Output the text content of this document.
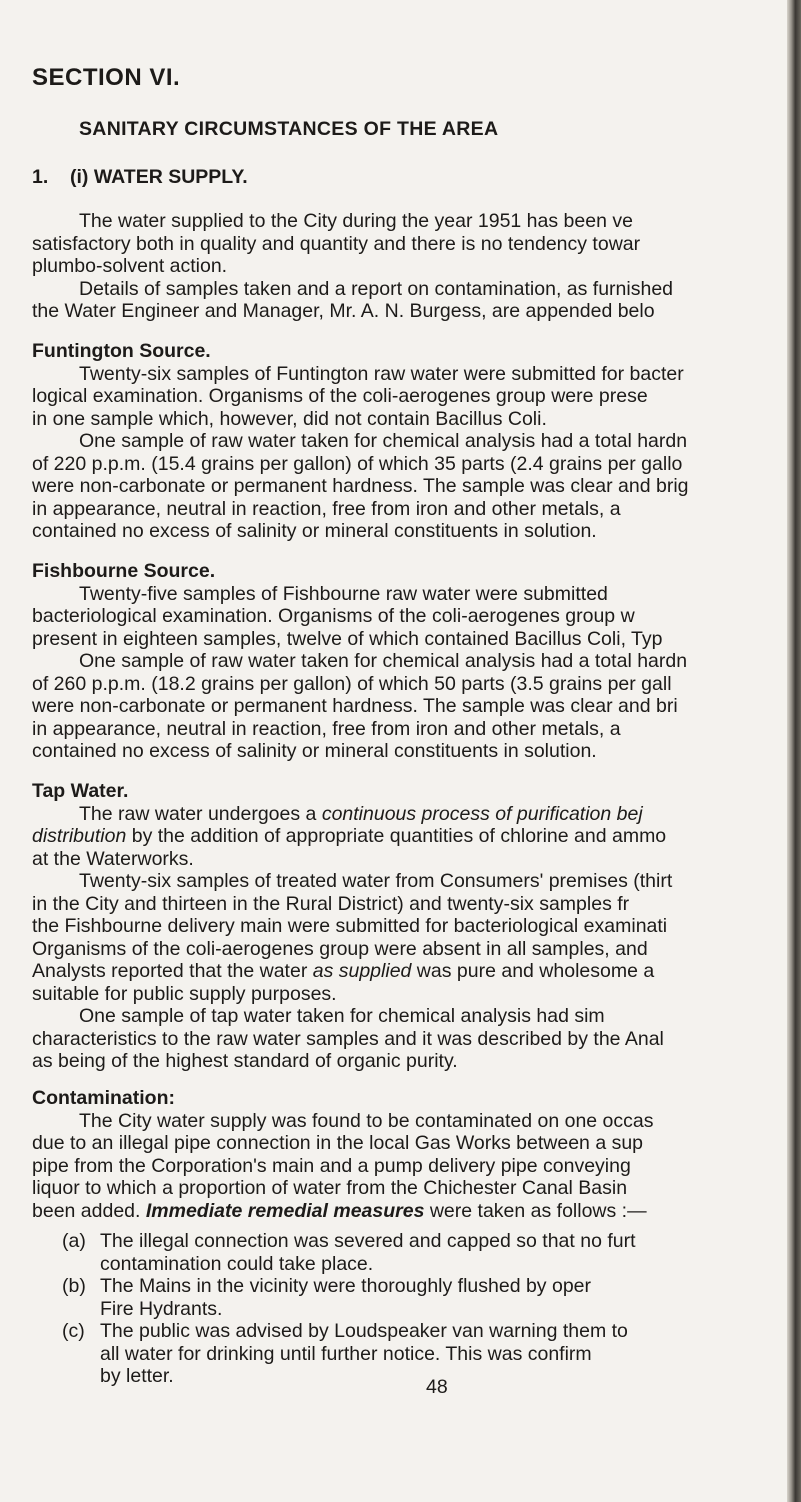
SECTION VI.
SANITARY CIRCUMSTANCES OF THE AREA
1. (i) WATER SUPPLY.
The water supplied to the City during the year 1951 has been ve
satisfactory both in quality and quantity and there is no tendency towar
plumbo-solvent action.
Details of samples taken and a report on contamination, as furnished
the Water Engineer and Manager, Mr. A. N. Burgess, are appended belo
Funtington Source.
Twenty-six samples of Funtington raw water were submitted for bacter
logical examination. Organisms of the coli-aerogenes group were prese
in one sample which, however, did not contain Bacillus Coli.
One sample of raw water taken for chemical analysis had a total hardn
of 220 p.p.m. (15.4 grains per gallon) of which 35 parts (2.4 grains per gallo
were non-carbonate or permanent hardness. The sample was clear and brig
in appearance, neutral in reaction, free from iron and other metals, a
contained no excess of salinity or mineral constituents in solution.
Fishbourne Source.
Twenty-five samples of Fishbourne raw water were submitted
bacteriological examination. Organisms of the coli-aerogenes group w
present in eighteen samples, twelve of which contained Bacillus Coli, Typ
One sample of raw water taken for chemical analysis had a total hardn
of 260 p.p.m. (18.2 grains per gallon) of which 50 parts (3.5 grains per gall
were non-carbonate or permanent hardness. The sample was clear and bri
in appearance, neutral in reaction, free from iron and other metals, a
contained no excess of salinity or mineral constituents in solution.
Tap Water.
The raw water undergoes a continuous process of purification bej
distribution by the addition of appropriate quantities of chlorine and ammo
at the Waterworks.
Twenty-six samples of treated water from Consumers' premises (thirt
in the City and thirteen in the Rural District) and twenty-six samples fr
the Fishbourne delivery main were submitted for bacteriological examinati
Organisms of the coli-aerogenes group were absent in all samples, and
Analysts reported that the water as supplied was pure and wholesome a
suitable for public supply purposes.
One sample of tap water taken for chemical analysis had sim
characteristics to the raw water samples and it was described by the Anal
as being of the highest standard of organic purity.
Contamination:
The City water supply was found to be contaminated on one occas
due to an illegal pipe connection in the local Gas Works between a sup
pipe from the Corporation's main and a pump delivery pipe conveying
liquor to which a proportion of water from the Chichester Canal Basin
been added. Immediate remedial measures were taken as follows :—
(a) The illegal connection was severed and capped so that no furt
contamination could take place.
(b) The Mains in the vicinity were thoroughly flushed by oper
Fire Hydrants.
(c) The public was advised by Loudspeaker van warning them to
all water for drinking until further notice. This was confirm
by letter.	48
